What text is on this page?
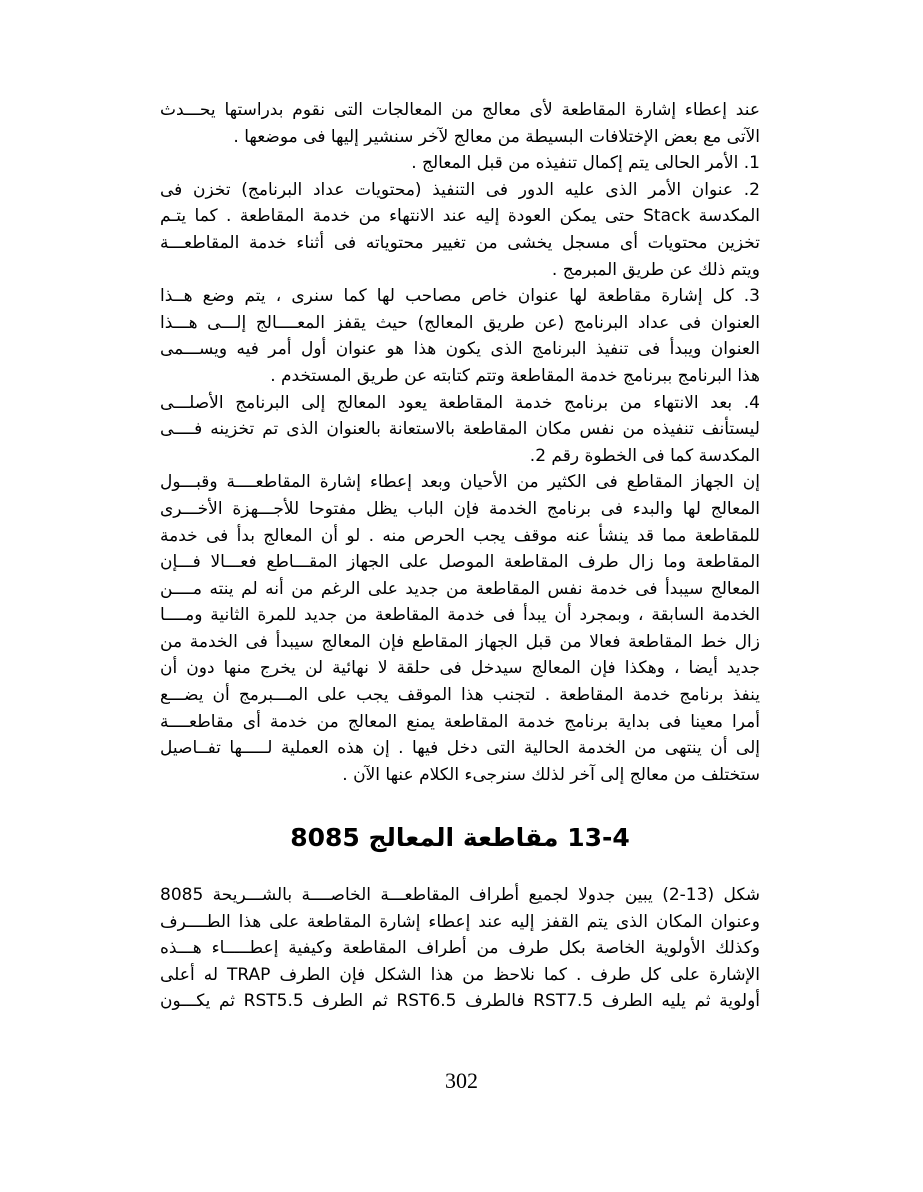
عند إعطاء إشارة المقاطعة لأى معالج من المعالجات التى نقوم بدراستها يحـــدث
الآتى مع بعض الإختلافات البسيطة من معالج لآخر سنشير إليها فى موضعها .
1. الأمر الحالى يتم إكمال تنفيذه من قبل المعالج .
2. عنوان الأمر الذى عليه الدور فى التنفيذ (محتويات عداد البرنامج) تخزن فى
المكدسة Stack حتى يمكن العودة إليه عند الانتهاء من خدمة المقاطعة . كما يتـم
تخزين محتويات أى مسجل يخشى من تغيير محتوياته فى أثناء خدمة المقاطعـــة
ويتم ذلك عن طريق المبرمج .
3. كل إشارة مقاطعة لها عنوان خاص مصاحب لها كما سنرى ، يتم وضع هــذا
العنوان فى عداد البرنامج (عن طريق المعالج) حيث يقفز المعــــالج إلـــى هـــذا
العنوان ويبدأ فى تنفيذ البرنامج الذى يكون هذا هو عنوان أول أمر فيه ويســـمى
هذا البرنامج ببرنامج خدمة المقاطعة وتتم كتابته عن طريق المستخدم .
4. بعد الانتهاء من برنامج خدمة المقاطعة يعود المعالج إلى البرنامج الأصلـــى
ليستأنف تنفيذه من نفس مكان المقاطعة بالاستعانة بالعنوان الذى تم تخزينه فــــى
المكدسة كما فى الخطوة رقم 2.
إن الجهاز المقاطع فى الكثير من الأحيان وبعد إعطاء إشارة المقاطعــــة وقبـــول
المعالج لها والبدء فى برنامج الخدمة فإن الباب يظل مفتوحا للأجـــهزة الأخـــرى
للمقاطعة مما قد ينشأ عنه موقف يجب الحرص منه . لو أن المعالج بدأ فى خدمة
المقاطعة وما زال طرف المقاطعة الموصل على الجهاز المقـــاطع فعـــالا فـــإن
المعالج سيبدأ فى خدمة نفس المقاطعة من جديد على الرغم من أنه لم ينته مــــن
الخدمة السابقة ، وبمجرد أن يبدأ فى خدمة المقاطعة من جديد للمرة الثانية ومــــا
زال خط المقاطعة فعالا من قبل الجهاز المقاطع فإن المعالج سيبدأ فى الخدمة من
جديد أيضا ، وهكذا فإن المعالج سيدخل فى حلقة لا نهائية لن يخرج منها دون أن
ينفذ برنامج خدمة المقاطعة . لتجنب هذا الموقف يجب على المـــبرمج أن يضـــع
أمرا معينا فى بداية برنامج خدمة المقاطعة يمنع المعالج من خدمة أى مقاطعــــة
إلى أن ينتهى من الخدمة الحالية التى دخل فيها . إن هذه العملية لـــــها تفــاصيل
ستختلف من معالج إلى آخر لذلك سنرجىء الكلام عنها الآن .
13-4 مقاطعة المعالج 8085
شكل (13-2) يبين جدولا لجميع أطراف المقاطعـــة الخاصــــة بالشـــريحة 8085
وعنوان المكان الذى يتم القفز إليه عند إعطاء إشارة المقاطعة على هذا الطــــرف
وكذلك الأولوية الخاصة بكل طرف من أطراف المقاطعة وكيفية إعطـــــاء هـــذه
الإشارة على كل طرف . كما نلاحظ من هذا الشكل فإن الطرف TRAP له أعلى
أولوية ثم يليه الطرف RST7.5 فالطرف RST6.5 ثم الطرف RST5.5 ثم يكـــون
302
